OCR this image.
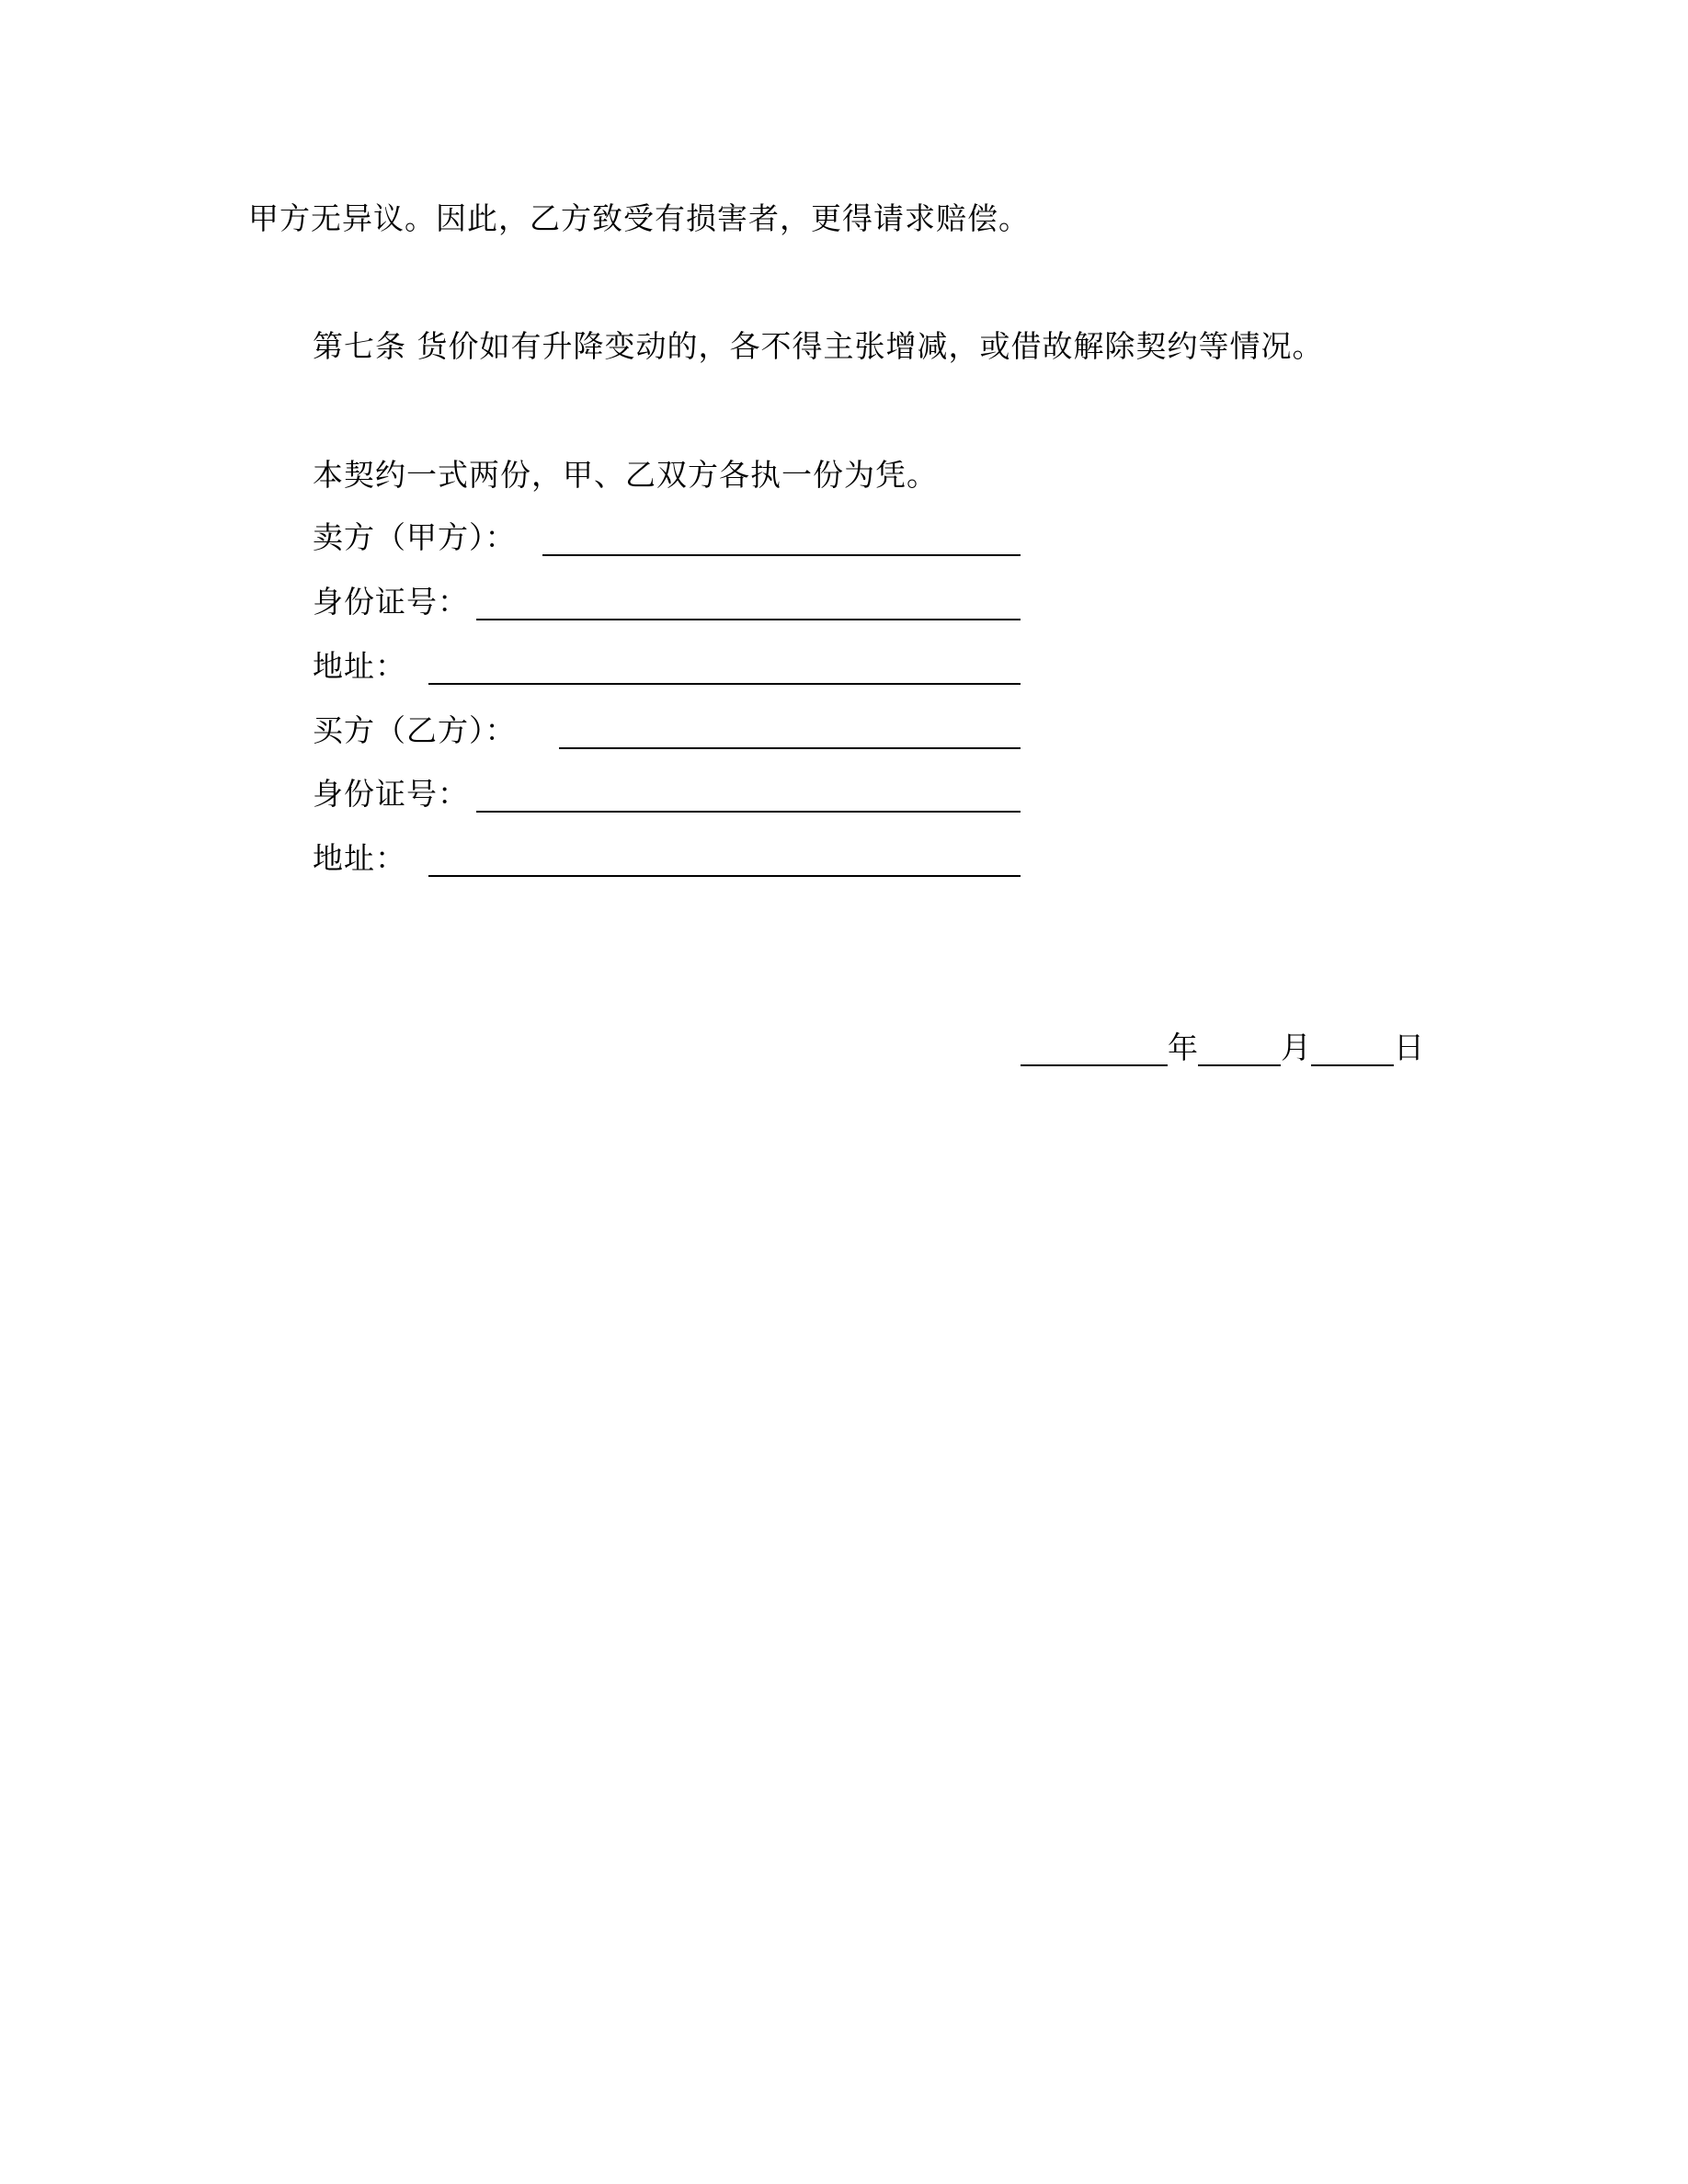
甲方无异议。因此，乙方致受有损害者，更得请求赔偿。
第七条 货价如有升降变动的，各不得主张增减，或借故解除契约等情况。
本契约一式两份，甲、乙双方各执一份为凭。
卖方（甲方）：
身份证号：
地址：
买方（乙方）：
身份证号：
地址：
年	月	日
